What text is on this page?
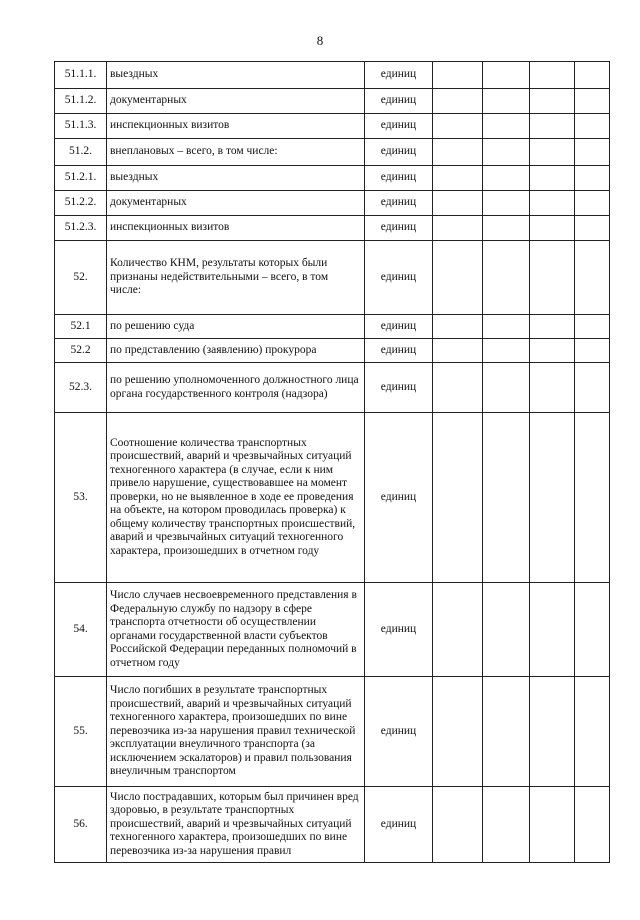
8
51.1.1.	выездных	единиц				
51.1.2.	документарных	единиц				
51.1.3.	инспекционных визитов	единиц				
51.2.	внеплановых – всего, в том числе:	единиц				
51.2.1.	выездных	единиц				
51.2.2.	документарных	единиц				
51.2.3.	инспекционных визитов	единиц				
52.	Количество КНМ, результаты которых были признаны недействительными – всего, в том числе:	единиц				
52.1	по решению суда	единиц				
52.2	по представлению (заявлению) прокурора	единиц				
52.3.	по решению уполномоченного должностного лица органа государственного контроля (надзора)	единиц				
53.	Соотношение количества транспортных происшествий, аварий и чрезвычайных ситуаций техногенного характера (в случае, если к ним привело нарушение, существовавшее на момент проверки, но не выявленное в ходе ее проведения на объекте, на котором проводилась проверка) к общему количеству транспортных происшествий, аварий и чрезвычайных ситуаций техногенного характера, произошедших в отчетном году	единиц				
54.	Число случаев несвоевременного представления в Федеральную службу по надзору в сфере транспорта отчетности об осуществлении органами государственной власти субъектов Российской Федерации переданных полномочий в отчетном году	единиц				
55.	Число погибших в результате транспортных происшествий, аварий и чрезвычайных ситуаций техногенного характера, произошедших по вине перевозчика из-за нарушения правил технической эксплуатации внеуличного транспорта (за исключением эскалаторов) и правил пользования внеуличным транспортом	единиц				
56.	Число пострадавших, которым был причинен вред здоровью, в результате транспортных происшествий, аварий и чрезвычайных ситуаций техногенного характера, произошедших по вине перевозчика из-за нарушения правил	единиц				
